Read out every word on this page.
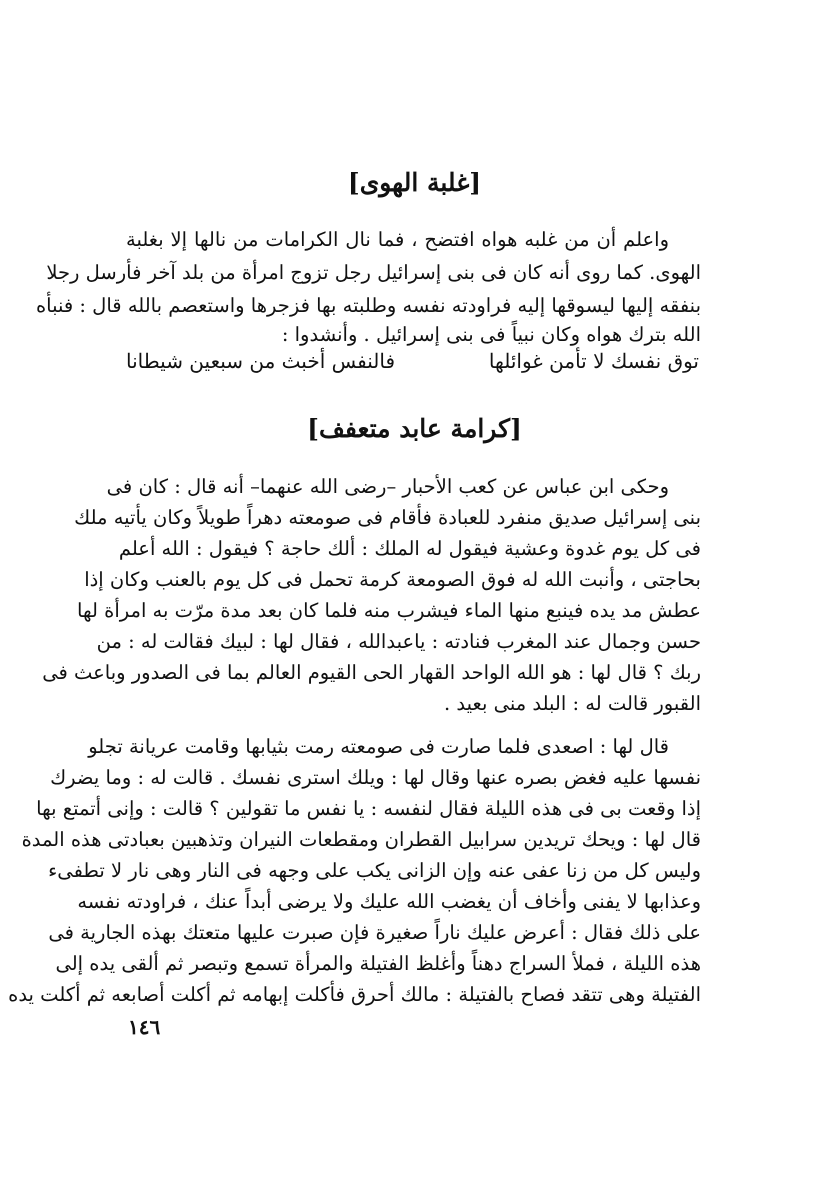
[غلبة الهوى]
واعلم أن من غلبه هواه افتضح ، فما نال الكرامات من نالها إلا بغلبة
الهوى. كما روى أنه كان فى بنى إسرائيل رجل تزوج امرأة من بلد آخر فأرسل رجلا
بنفقه إليها ليسوقها إليه فراودته نفسه وطلبته بها فزجرها واستعصم بالله قال : فنبأه
الله بترك هواه وكان نبياً فى بنى إسرائيل . وأنشدوا :
توق نفسك لا تأمن غوائلها
فالنفس أخبث من سبعين شيطانا
[كرامة عابد متعفف]
وحكى ابن عباس عن كعب الأحبار –رضى الله عنهما– أنه قال : كان فى
بنى إسرائيل صديق منفرد للعبادة فأقام فى صومعته دهراً طويلاً وكان يأتيه ملك
فى كل يوم غدوة وعشية فيقول له الملك : ألك حاجة ؟ فيقول : الله أعلم
بحاجتى ، وأنبت الله له فوق الصومعة كرمة تحمل فى كل يوم بالعنب وكان إذا
عطش مد يده فينبع منها الماء فيشرب منه فلما كان بعد مدة مرّت به امرأة لها
حسن وجمال عند المغرب فنادته : ياعبدالله ، فقال لها : لبيك فقالت له : من
ربك ؟ قال لها : هو الله الواحد القهار الحى القيوم العالم بما فى الصدور وباعث فى
القبور قالت له : البلد منى بعيد .
قال لها : اصعدى فلما صارت فى صومعته رمت بثيابها وقامت عريانة تجلو
نفسها عليه فغض بصره عنها وقال لها : ويلك استرى نفسك . قالت له : وما يضرك
إذا وقعت بى فى هذه الليلة فقال لنفسه : يا نفس ما تقولين ؟ قالت : وإنى أتمتع بها
قال لها : ويحك تريدين سرابيل القطران ومقطعات النيران وتذهبين بعبادتى هذه المدة
وليس كل من زنا عفى عنه وإن الزانى يكب على وجهه فى النار وهى نار لا تطفىء
وعذابها لا يفنى وأخاف أن يغضب الله عليك ولا يرضى أبداً عنك ، فراودته نفسه
على ذلك فقال : أعرض عليك ناراً صغيرة فإن صبرت عليها متعتك بهذه الجارية فى
هذه الليلة ، فملأ السراج دهناً وأغلظ الفتيلة والمرأة تسمع وتبصر ثم ألقى يده إلى
الفتيلة وهى تتقد فصاح بالفتيلة : مالك أحرق فأكلت إبهامه ثم أكلت أصابعه ثم أكلت يده
١٤٦
